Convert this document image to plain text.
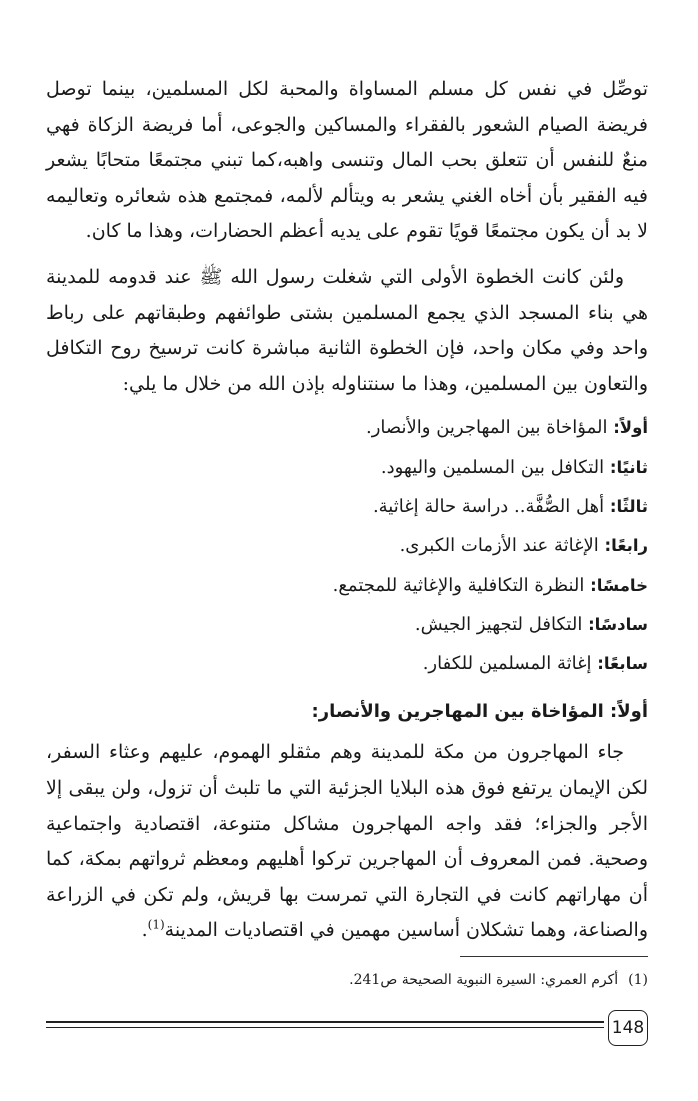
توصِّل في نفس كل مسلم المساواة والمحبة لكل المسلمين، بينما توصل فريضة الصيام الشعور بالفقراء والمساكين والجوعى، أما فريضة الزكاة فهي منعٌ للنفس أن تتعلق بحب المال وتنسى واهبه،كما تبني مجتمعًا متحابًا يشعر فيه الفقير بأن أخاه الغني يشعر به ويتألم لألمه، فمجتمع هذه شعائره وتعاليمه لا بد أن يكون مجتمعًا قويًا تقوم على يديه أعظم الحضارات، وهذا ما كان.

ولئن كانت الخطوة الأولى التي شغلت رسول الله ﷺ عند قدومه للمدينة هي بناء المسجد الذي يجمع المسلمين بشتى طوائفهم وطبقاتهم على رباط واحد وفي مكان واحد، فإن الخطوة الثانية مباشرة كانت ترسيخ روح التكافل والتعاون بين المسلمين، وهذا ما سنتناوله بإذن الله من خلال ما يلي:

أولاً: المؤاخاة بين المهاجرين والأنصار.
ثانيًا: التكافل بين المسلمين واليهود.
ثالثًا: أهل الصُّفَّة.. دراسة حالة إغاثية.
رابعًا: الإغاثة عند الأزمات الكبرى.
خامسًا: النظرة التكافلية والإغاثية للمجتمع.
سادسًا: التكافل لتجهيز الجيش.
سابعًا: إغاثة المسلمين للكفار.
أولاً: المؤاخاة بين المهاجرين والأنصار:

جاء المهاجرون من مكة للمدينة وهم مثقلو الهموم، عليهم وعثاء السفر، لكن الإيمان يرتفع فوق هذه البلايا الجزئية التي ما تلبث أن تزول، ولن يبقى إلا الأجر والجزاء؛ فقد واجه المهاجرون مشاكل متنوعة، اقتصادية واجتماعية وصحية. فمن المعروف أن المهاجرين تركوا أهليهم ومعظم ثرواتهم بمكة، كما أن مهاراتهم كانت في التجارة التي تمرست بها قريش، ولم تكن في الزراعة والصناعة، وهما تشكلان أساسين مهمين في اقتصاديات المدينة$^{(1)}$.

(1)أكرم العمري: السيرة النبوية الصحيحة ص241.
148
